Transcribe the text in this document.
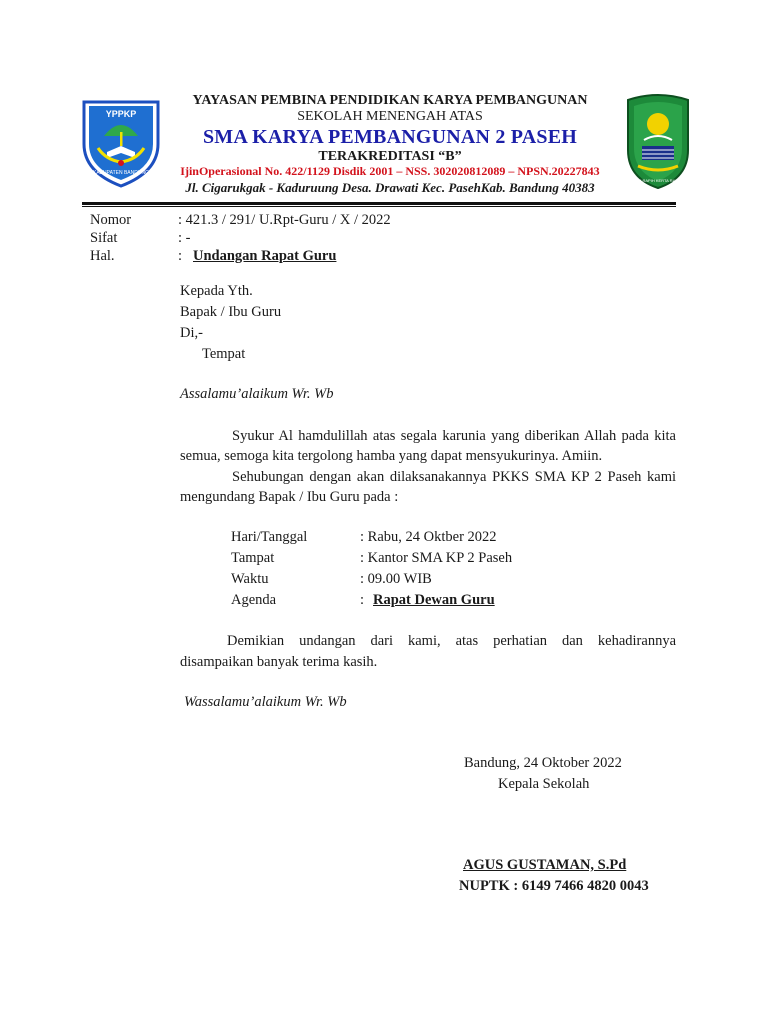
YPPKP
KABUPATEN BANDUNG
YAYASAN PEMBINA PENDIDIKAN KARYA PEMBANGUNAN
SEKOLAH MENENGAH ATAS
SMA KARYA PEMBANGUNAN 2 PASEH
TERAKREDITASI “B”
IjinOperasional No. 422/1129 Disdik 2001 – NSS. 302020812089 – NPSN.20227843
Jl. Cigarukgak - Kaduruung Desa. Drawati Kec. PasehKab. Bandung 40383	REPEH RAPIH KERTA RAHARJA
Nomor	: 421.3 / 291/ U.Rpt-Guru / X / 2022
Sifat	: -
Hal.	: Undangan Rapat Guru
Kepada Yth.
Bapak / Ibu Guru
Di,-
Tempat
Assalamu’alaikum Wr. Wb
Syukur Al hamdulillah atas segala karunia yang diberikan Allah pada kita
semua, semoga kita tergolong hamba yang dapat mensyukurinya. Amiin.
Sehubungan dengan akan dilaksanakannya PKKS SMA KP 2 Paseh kami
mengundang Bapak / Ibu Guru pada :
Hari/Tanggal	: Rabu, 24 Oktber 2022
Tampat	: Kantor SMA KP 2 Paseh
Waktu	: 09.00 WIB
Agenda	: Rapat Dewan Guru
Demikian undangan dari kami, atas perhatian dan kehadirannya
disampaikan banyak terima kasih.
Wassalamu’alaikum Wr. Wb
Bandung, 24 Oktober 2022
Kepala Sekolah
AGUS GUSTAMAN, S.Pd
NUPTK : 6149 7466 4820 0043
